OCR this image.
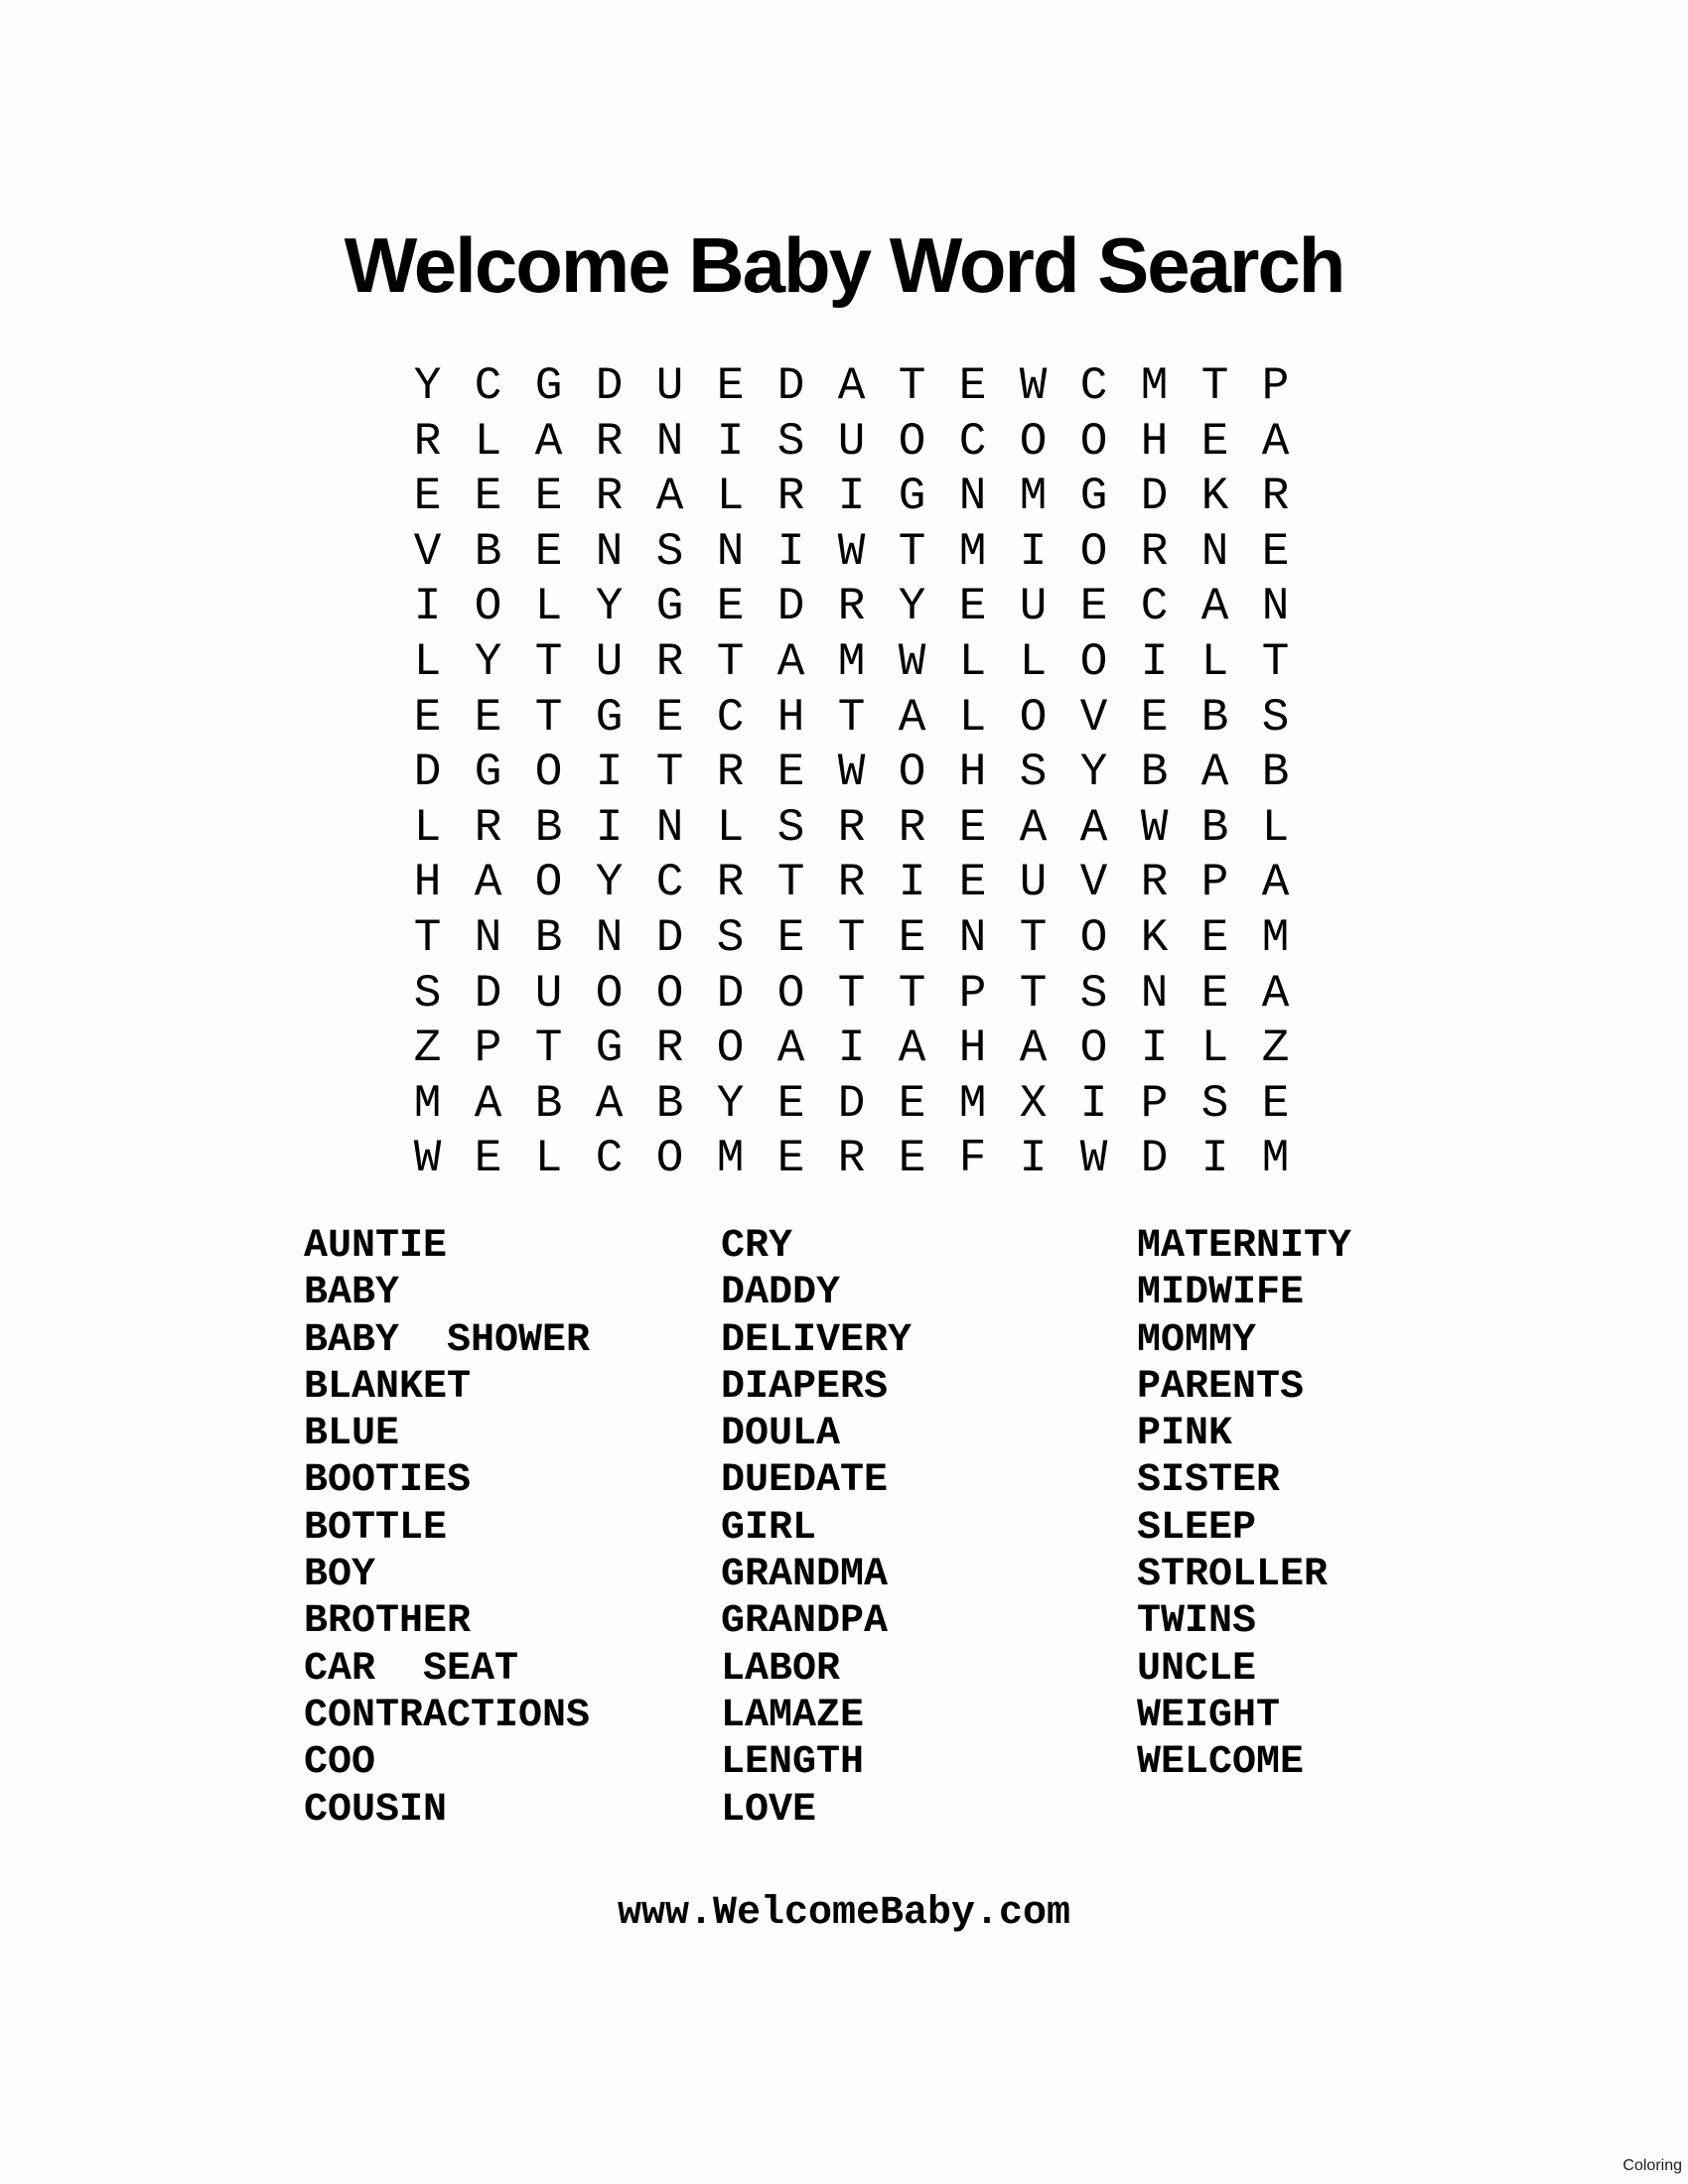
Welcome Baby Word Search
Y C G D U E D A T E W C M T P
R L A R N I S U O C O O H E A
E E E R A L R I G N M G D K R
V B E N S N I W T M I O R N E
I O L Y G E D R Y E U E C A N
L Y T U R T A M W L L O I L T
E E T G E C H T A L O V E B S
D G O I T R E W O H S Y B A B
L R B I N L S R R E A A W B L
H A O Y C R T R I E U V R P A
T N B N D S E T E N T O K E M
S D U O O D O T T P T S N E A
Z P T G R O A I A H A O I L Z
M A B A B Y E D E M X I P S E
W E L C O M E R E F I W D I M
AUNTIE
BABY
BABY  SHOWER
BLANKET
BLUE
BOOTIES
BOTTLE
BOY
BROTHER
CAR  SEAT
CONTRACTIONS
COO
COUSIN
CRY
DADDY
DELIVERY
DIAPERS
DOULA
DUEDATE
GIRL
GRANDMA
GRANDPA
LABOR
LAMAZE
LENGTH
LOVE
MATERNITY
MIDWIFE
MOMMY
PARENTS
PINK
SISTER
SLEEP
STROLLER
TWINS
UNCLE
WEIGHT
WELCOME
www.WelcomeBaby.com
Coloring
